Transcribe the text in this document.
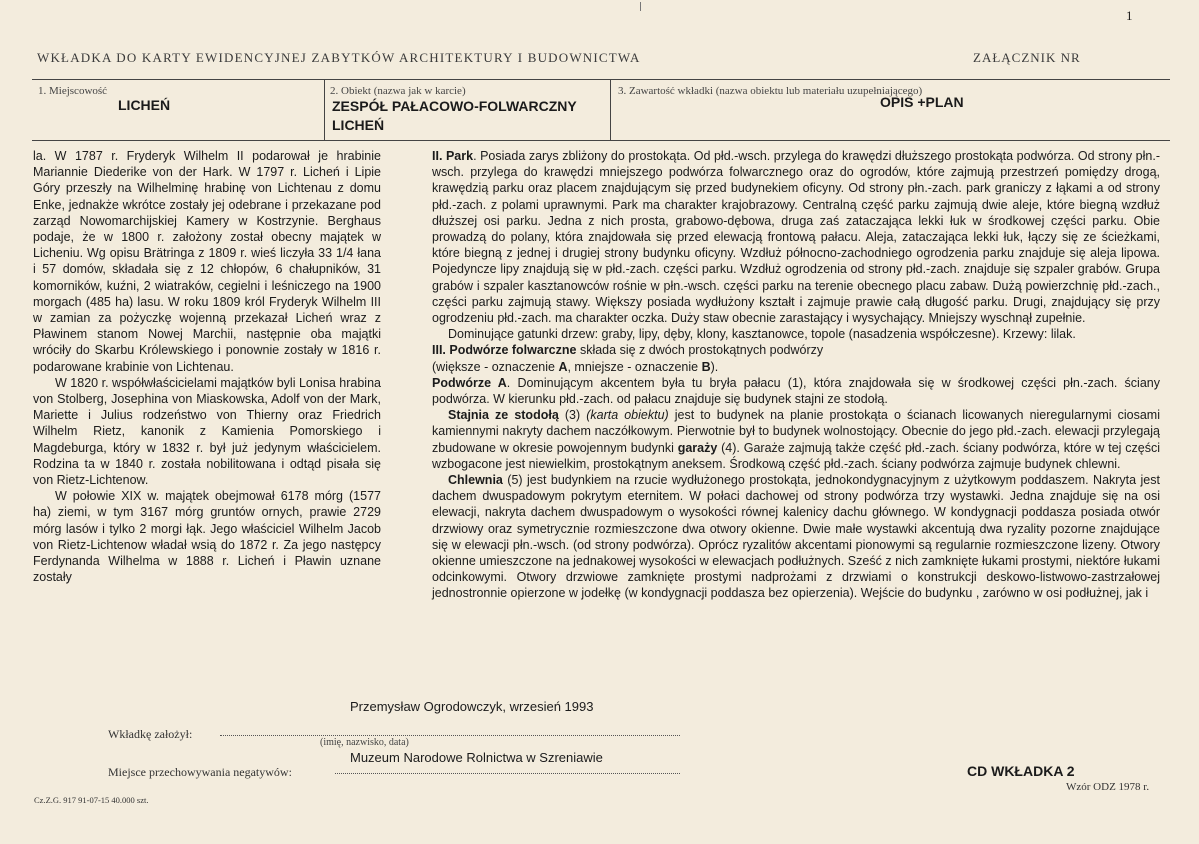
1
WKŁADKA DO KARTY EWIDENCYJNEJ ZABYTKÓW ARCHITEKTURY I BUDOWNICTWA	ZAŁĄCZNIK NR
1. Miejscowość
LICHEŃ
2. Obiekt (nazwa jak w karcie)
ZESPÓŁ PAŁACOWO-FOLWARCZNY
LICHEŃ
3. Zawartość wkładki (nazwa obiektu lub materiału uzupełniającego)
OPIS +PLAN

la. W 1787 r. Fryderyk Wilhelm II podarował je hrabinie Mariannie Diederike von der Hark. W 1797 r. Licheń i Lipie Góry przeszły na Wilhelminę hrabinę von Lichtenau z domu Enke, jednakże wkrótce zostały jej odebrane i przekazane pod zarząd Nowomarchijskiej Kamery w Kostrzynie. Berghaus podaje, że w 1800 r. założony został obecny majątek w Licheniu. Wg opisu Brätringa z 1809 r. wieś liczyła 33 1/4 łana i 57 domów, składała się z 12 chłopów, 6 chałupników, 31 komorników, kuźni, 2 wiatraków, cegielni i leśniczego na 1900 morgach (485 ha) lasu. W roku 1809 król Fryderyk Wilhelm III w zamian za pożyczkę wojenną przekazał Licheń wraz z Pławinem stanom Nowej Marchii, następnie oba majątki wróciły do Skarbu Królewskiego i ponownie zostały w 1816 r. podarowane krabinie von Lichtenau.

W 1820 r. współwłaścicielami majątków byli Lonisa hrabina von Stolberg, Josephina von Miaskowska, Adolf von der Mark, Mariette i Julius rodzeństwo von Thierny oraz Friedrich Wilhelm Rietz, kanonik z Kamienia Pomorskiego i Magdeburga, który w 1832 r. był już jedynym właścicielem. Rodzina ta w 1840 r. została nobilitowana i odtąd pisała się von Rietz-Lichtenow.

W połowie XIX w. majątek obejmował 6178 mórg (1577 ha) ziemi, w tym 3167 mórg gruntów ornych, prawie 2729 mórg lasów i tylko 2 morgi łąk. Jego właściciel Wilhelm Jacob von Rietz-Lichtenow władał wsią do 1872 r. Za jego następcy Ferdynanda Wilhelma w 1888 r. Licheń i Pławin uznane zostały

II. Park. Posiada zarys zbliżony do prostokąta. Od płd.-wsch. przylega do krawędzi dłuższego prostokąta podwórza. Od strony płn.-wsch. przylega do krawędzi mniejszego podwórza folwarcznego oraz do ogrodów, które zajmują przestrzeń pomiędzy drogą, krawędzią parku oraz placem znajdującym się przed budynekiem oficyny. Od strony płn.-zach. park graniczy z łąkami a od strony płd.-zach. z polami uprawnymi. Park ma charakter krajobrazowy. Centralną część parku zajmują dwie aleje, które biegną wzdłuż dłuższej osi parku. Jedna z nich prosta, grabowo-dębowa, druga zaś zataczająca lekki łuk w środkowej części parku. Obie prowadzą do polany, która znajdowała się przed elewacją frontową pałacu. Aleja, zataczająca lekki łuk, łączy się ze ścieżkami, które biegną z jednej i drugiej strony budynku oficyny. Wzdłuż północno-zachodniego ogrodzenia parku znajduje się aleja lipowa. Pojedyncze lipy znajdują się w płd.-zach. części parku. Wzdłuż ogrodzenia od strony płd.-zach. znajduje się szpaler grabów. Grupa grabów i szpaler kasztanowców rośnie w płn.-wsch. części parku na terenie obecnego placu zabaw. Dużą powierzchnię płd.-zach., części parku zajmują stawy. Większy posiada wydłużony kształt i zajmuje prawie całą długość parku. Drugi, znajdujący się przy ogrodzeniu płd.-zach. ma charakter oczka. Duży staw obecnie zarastający i wysychający. Mniejszy wyschnął zupełnie.

Dominujące gatunki drzew: graby, lipy, dęby, klony, kasztanowce, topole (nasadzenia współczesne). Krzewy: lilak.

III. Podwórze folwarczne składa się z dwóch prostokątnych podwórzy
(większe - oznaczenie A, mniejsze - oznaczenie B).

Podwórze A. Dominującym akcentem była tu bryła pałacu (1), która znajdowała się w środkowej części płn.-zach. ściany podwórza. W kierunku płd.-zach. od pałacu znajduje się budynek stajni ze stodołą.

Stajnia ze stodołą (3) (karta obiektu) jest to budynek na planie prostokąta o ścianach licowanych nieregularnymi ciosami kamiennymi nakryty dachem naczółkowym. Pierwotnie był to budynek wolnostojący. Obecnie do jego płd.-zach. elewacji przylegają zbudowane w okresie powojennym budynki garaży (4). Garaże zajmują także część płd.-zach. ściany podwórza, które w tej części wzbogacone jest niewielkim, prostokątnym aneksem. Środkową część płd.-zach. ściany podwórza zajmuje budynek chlewni.

Chlewnia (5) jest budynkiem na rzucie wydłużonego prostokąta, jednokondygnacyjnym z użytkowym poddaszem. Nakryta jest dachem dwuspadowym pokrytym eternitem. W połaci dachowej od strony podwórza trzy wystawki. Jedna znajduje się na osi elewacji, nakryta dachem dwuspadowym o wysokości równej kalenicy dachu głównego. W kondygnacji poddasza posiada otwór drzwiowy oraz symetrycznie rozmieszczone dwa otwory okienne. Dwie małe wystawki akcentują dwa ryzality pozorne znajdujące się w elewacji płn.-wsch. (od strony podwórza). Oprócz ryzalitów akcentami pionowymi są regularnie rozmieszczone lizeny. Otwory okienne umieszczone na jednakowej wysokości w elewacjach podłużnych. Sześć z nich zamknięte łukami prostymi, niektóre łukami odcinkowymi. Otwory drzwiowe zamknięte prostymi nadprożami z drzwiami o konstrukcji deskowo-listwowo-zastrzałowej jednostronnie opierzone w jodełkę (w kondygnacji poddasza bez opierzenia). Wejście do budynku , zarówno w osi podłużnej, jak i

Przemysław Ogrodowczyk, wrzesień 1993
Wkładkę założył:
(imię, nazwisko, data)
Muzeum Narodowe Rolnictwa w Szreniawie
Miejsce przechowywania negatywów:	CD WKŁADKA 2
Wzór ODZ 1978 r.
Cz.Z.G. 917 91-07-15 40.000 szt.
